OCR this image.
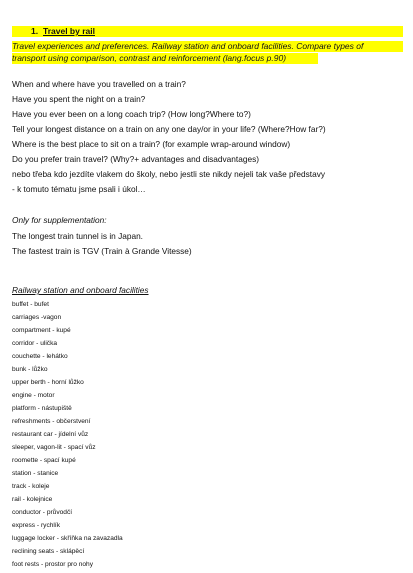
1. Travel by rail
Travel experiences and preferences. Railway station and onboard facilities. Compare types of
transport using comparison, contrast and reinforcement (lang.focus p.90)
When and where have you travelled on a train?
Have you spent the night on a train?
Have you ever been on a long coach trip? (How long?Where to?)
Tell your longest distance on a train on any one day/or in your life? (Where?How far?)
Where is the best place to sit on a train? (for example wrap-around window)
Do you prefer train travel? (Why?+ advantages and disadvantages)
nebo třeba kdo jezdíte vlakem do školy, nebo jestli ste nikdy nejeli tak vaše představy
- k tomuto tématu jsme psali i úkol…
Only for supplementation:
The longest train tunnel is in Japan.
The fastest train is TGV (Train à Grande Vitesse)
Railway station and onboard facilities
buffet - bufet
carriages -vagon
compartment - kupé
corridor - ulička
couchette - lehátko
bunk - lůžko
upper berth - horní lůžko
engine - motor
platform - nástupiště
refreshments - občerstvení
restaurant car - jídelní vůz
sleeper, vagon-lit - spací vůz
roomette - spací kupé
station - stanice
track - koleje
rail - kolejnice
conductor - průvodčí
express - rychlík
luggage locker - skříňka na zavazadla
reclining seats - sklápěcí
foot rests - prostor pro nohy
